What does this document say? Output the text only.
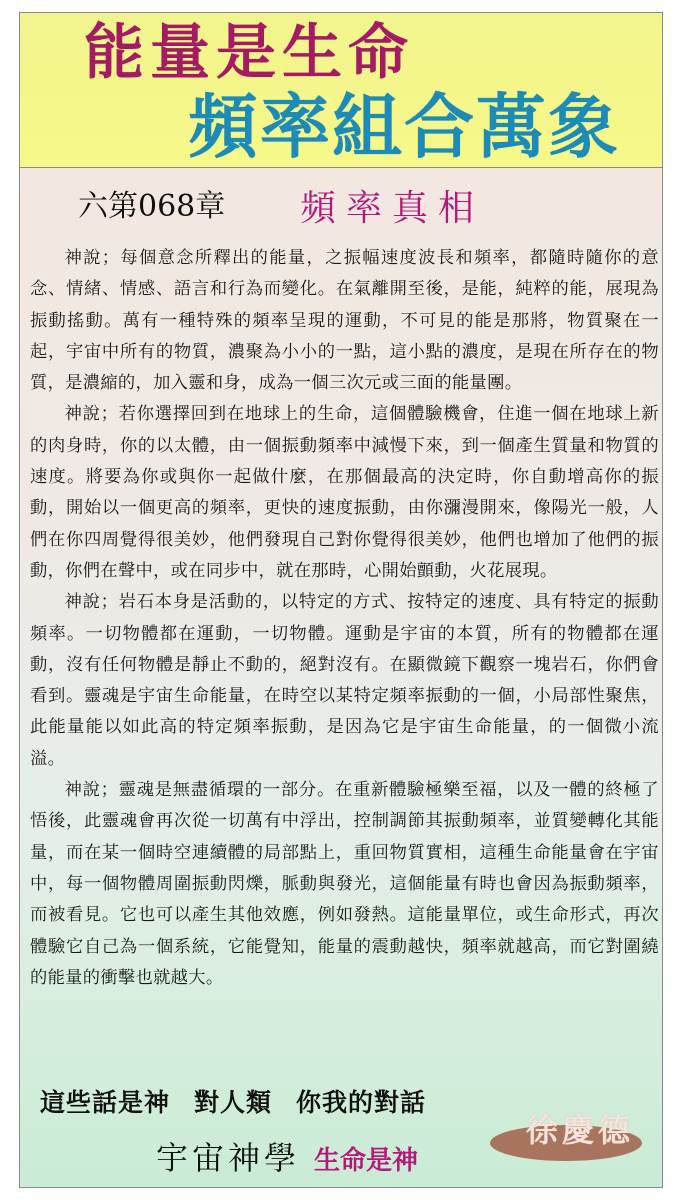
能量是生命
頻率組合萬象
六第068章 頻率真相

神說；每個意念所釋出的能量，之振幅速度波長和頻率，都隨時隨你的意念、情緒、情感、語言和行為而變化。在氣離開至後，是能，純粹的能，展現為振動搖動。萬有一種特殊的頻率呈現的運動，不可見的能是那將，物質聚在一起，宇宙中所有的物質，濃聚為小小的一點，這小點的濃度，是現在所存在的物質，是濃縮的，加入靈和身，成為一個三次元或三面的能量團。

神說；若你選擇回到在地球上的生命，這個體驗機會，住進一個在地球上新的肉身時，你的以太體，由一個振動頻率中減慢下來，到一個產生質量和物質的速度。將要為你或與你一起做什麼，在那個最高的決定時，你自動增高你的振動，開始以一個更高的頻率，更快的速度振動，由你瀰漫開來，像陽光一般，人們在你四周覺得很美妙，他們發現自己對你覺得很美妙，他們也增加了他們的振動，你們在聲中，或在同步中，就在那時，心開始顫動，火花展現。

神說；岩石本身是活動的，以特定的方式、按特定的速度、具有特定的振動頻率。一切物體都在運動，一切物體。運動是宇宙的本質，所有的物體都在運動，沒有任何物體是靜止不動的，絕對沒有。在顯微鏡下觀察一塊岩石，你們會看到。靈魂是宇宙生命能量，在時空以某特定頻率振動的一個，小局部性聚焦，此能量能以如此高的特定頻率振動，是因為它是宇宙生命能量，的一個微小流溢。

神說；靈魂是無盡循環的一部分。在重新體驗極樂至福，以及一體的終極了悟後，此靈魂會再次從一切萬有中浮出，控制調節其振動頻率，並質變轉化其能量，而在某一個時空連續體的局部點上，重回物質實相，這種生命能量會在宇宙中，每一個物體周圍振動閃爍，脈動與發光，這個能量有時也會因為振動頻率，而被看見。它也可以產生其他效應，例如發熱。這能量單位，或生命形式，再次體驗它自己為一個系統，它能覺知，能量的震動越快，頻率就越高，而它對圍繞的能量的衝擊也就越大。

這些話是神 對人類 你我的對話
宇宙神學 生命是神
徐慶德
